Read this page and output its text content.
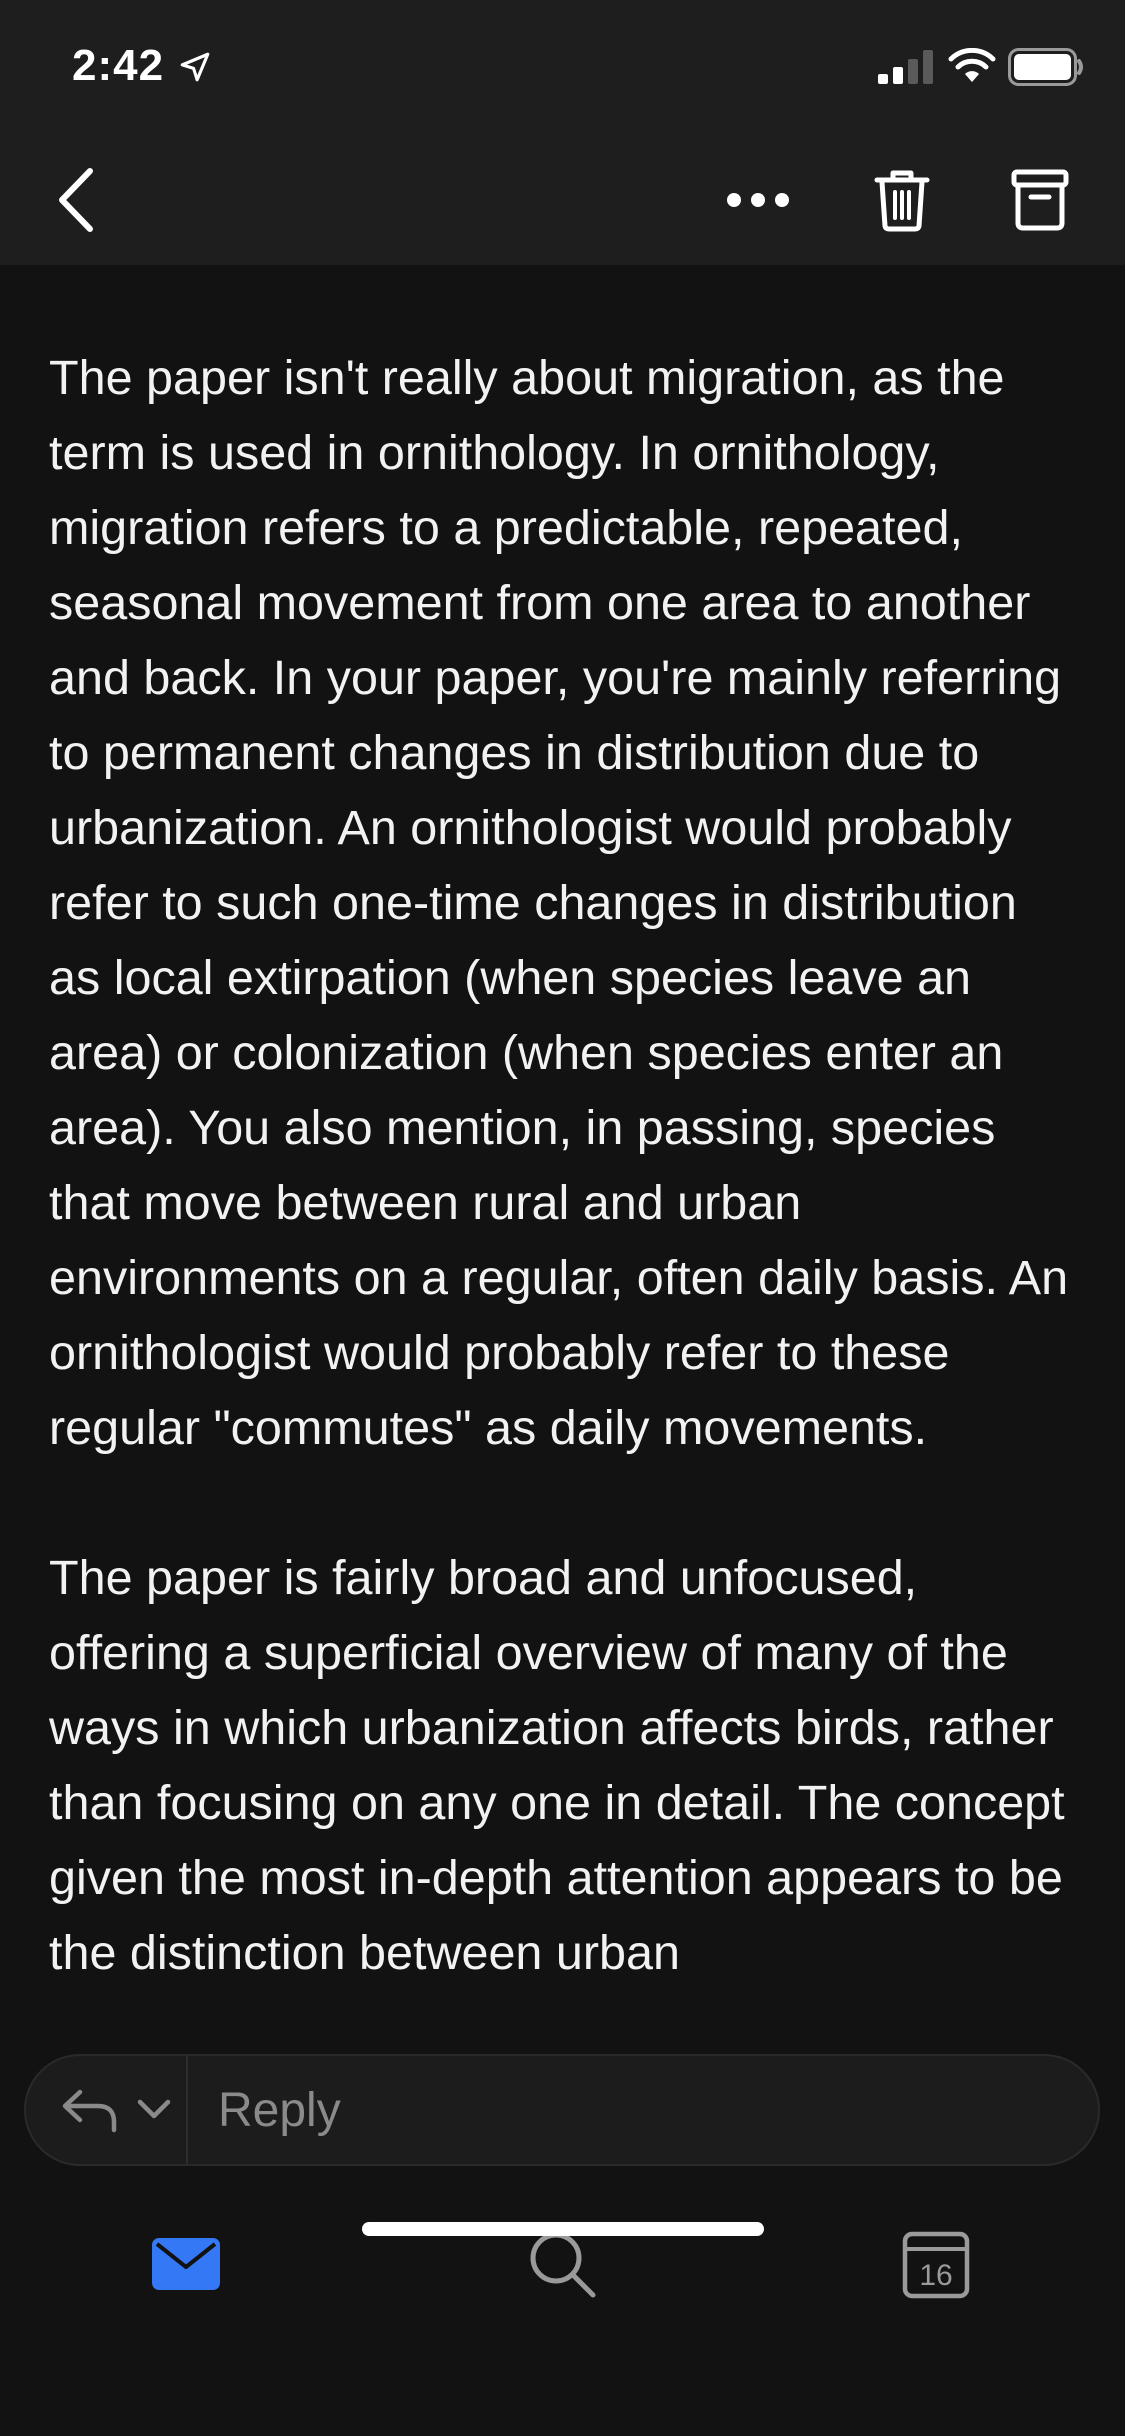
2:42

The paper isn't really about migration, as the term is used in ornithology. In ornithology, migration refers to a predictable, repeated, seasonal movement from one area to another and back. In your paper, you're mainly referring to permanent changes in distribution due to urbanization. An ornithologist would probably refer to such one-time changes in distribution as local extirpation (when species leave an area) or colonization (when species enter an area). You also mention, in passing, species that move between rural and urban environments on a regular, often daily basis. An ornithologist would probably refer to these regular "commutes" as daily movements.

The paper is fairly broad and unfocused, offering a superficial overview of many of the ways in which urbanization affects birds, rather than focusing on any one in detail. The concept given the most in-depth attention appears to be the distinction between urban

Reply
16
